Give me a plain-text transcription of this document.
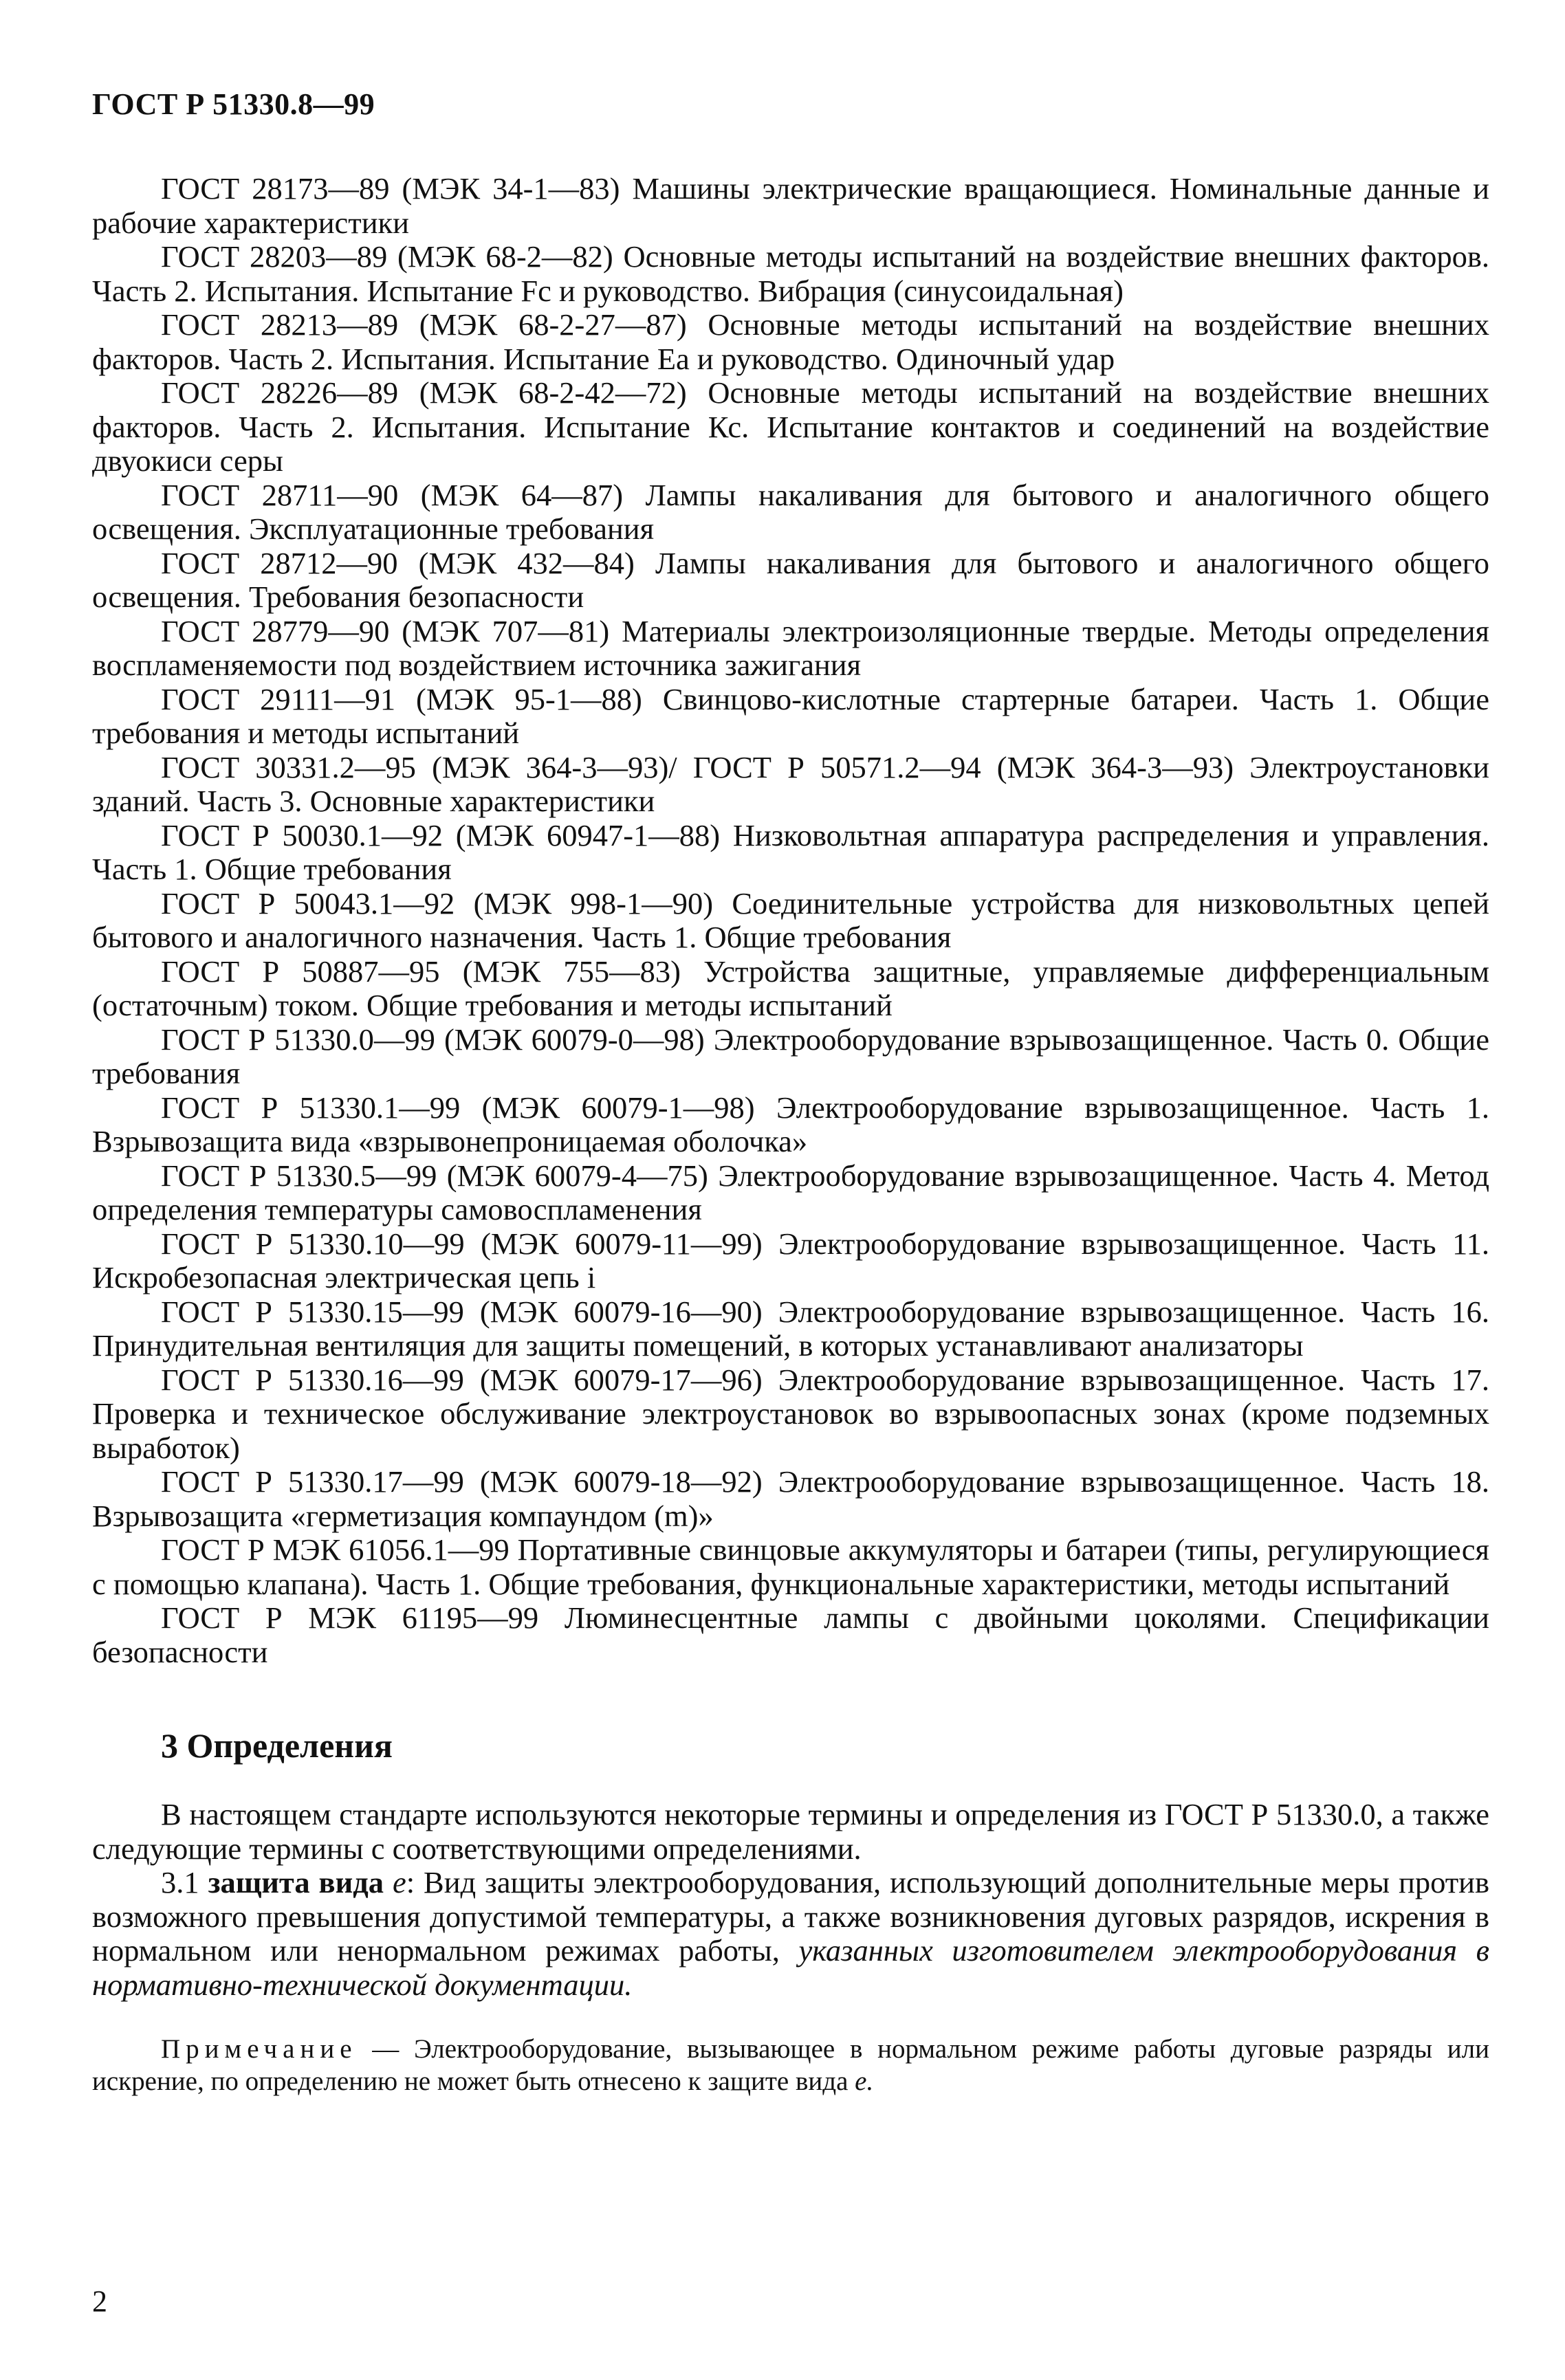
ГОСТ Р 51330.8—99

ГОСТ 28173—89 (МЭК 34-1—83) Машины электрические вращающиеся. Номинальные данные и рабочие характеристики

ГОСТ 28203—89 (МЭК 68-2—82) Основные методы испытаний на воздействие внешних факторов. Часть 2. Испытания. Испытание Fc и руководство. Вибрация (синусоидальная)

ГОСТ 28213—89 (МЭК 68-2-27—87) Основные методы испытаний на воздействие внешних факторов. Часть 2. Испытания. Испытание Еа и руководство. Одиночный удар

ГОСТ 28226—89 (МЭК 68-2-42—72) Основные методы испытаний на воздействие внешних факторов. Часть 2. Испытания. Испытание Кс. Испытание контактов и соединений на воздействие двуокиси серы

ГОСТ 28711—90 (МЭК 64—87) Лампы накаливания для бытового и аналогичного общего освещения. Эксплуатационные требования

ГОСТ 28712—90 (МЭК 432—84) Лампы накаливания для бытового и аналогичного общего освещения. Требования безопасности

ГОСТ 28779—90 (МЭК 707—81) Материалы электроизоляционные твердые. Методы определения воспламеняемости под воздействием источника зажигания

ГОСТ 29111—91 (МЭК 95-1—88) Свинцово-кислотные стартерные батареи. Часть 1. Общие требования и методы испытаний

ГОСТ 30331.2—95 (МЭК 364-3—93)/ ГОСТ Р 50571.2—94 (МЭК 364-3—93) Электроустановки зданий. Часть 3. Основные характеристики

ГОСТ Р 50030.1—92 (МЭК 60947-1—88) Низковольтная аппаратура распределения и управления. Часть 1. Общие требования

ГОСТ Р 50043.1—92 (МЭК 998-1—90) Соединительные устройства для низковольтных цепей бытового и аналогичного назначения. Часть 1. Общие требования

ГОСТ Р 50887—95 (МЭК 755—83) Устройства защитные, управляемые дифференциальным (остаточным) током. Общие требования и методы испытаний

ГОСТ Р 51330.0—99 (МЭК 60079-0—98) Электрооборудование взрывозащищенное. Часть 0. Общие требования

ГОСТ Р 51330.1—99 (МЭК 60079-1—98) Электрооборудование взрывозащищенное. Часть 1. Взрывозащита вида «взрывонепроницаемая оболочка»

ГОСТ Р 51330.5—99 (МЭК 60079-4—75) Электрооборудование взрывозащищенное. Часть 4. Метод определения температуры самовоспламенения

ГОСТ Р 51330.10—99 (МЭК 60079-11—99) Электрооборудование взрывозащищенное. Часть 11. Искробезопасная электрическая цепь i

ГОСТ Р 51330.15—99 (МЭК 60079-16—90) Электрооборудование взрывозащищенное. Часть 16. Принудительная вентиляция для защиты помещений, в которых устанавливают анализаторы

ГОСТ Р 51330.16—99 (МЭК 60079-17—96) Электрооборудование взрывозащищенное. Часть 17. Проверка и техническое обслуживание электроустановок во взрывоопасных зонах (кроме подземных выработок)

ГОСТ Р 51330.17—99 (МЭК 60079-18—92) Электрооборудование взрывозащищенное. Часть 18. Взрывозащита «герметизация компаундом (m)»

ГОСТ Р МЭК 61056.1—99 Портативные свинцовые аккумуляторы и батареи (типы, регулирующиеся с помощью клапана). Часть 1. Общие требования, функциональные характеристики, методы испытаний

ГОСТ Р МЭК 61195—99 Люминесцентные лампы с двойными цоколями. Спецификации безопасности

3 Определения

В настоящем стандарте используются некоторые термины и определения из ГОСТ Р 51330.0, а также следующие термины с соответствующими определениями.

3.1 защита вида е: Вид защиты электрооборудования, использующий дополнительные меры против возможного превышения допустимой температуры, а также возникновения дуговых разрядов, искрения в нормальном или ненормальном режимах работы, указанных изготовителем электрооборудования в нормативно-технической документации.

Примечание — Электрооборудование, вызывающее в нормальном режиме работы дуговые разряды или искрение, по определению не может быть отнесено к защите вида е.

2
